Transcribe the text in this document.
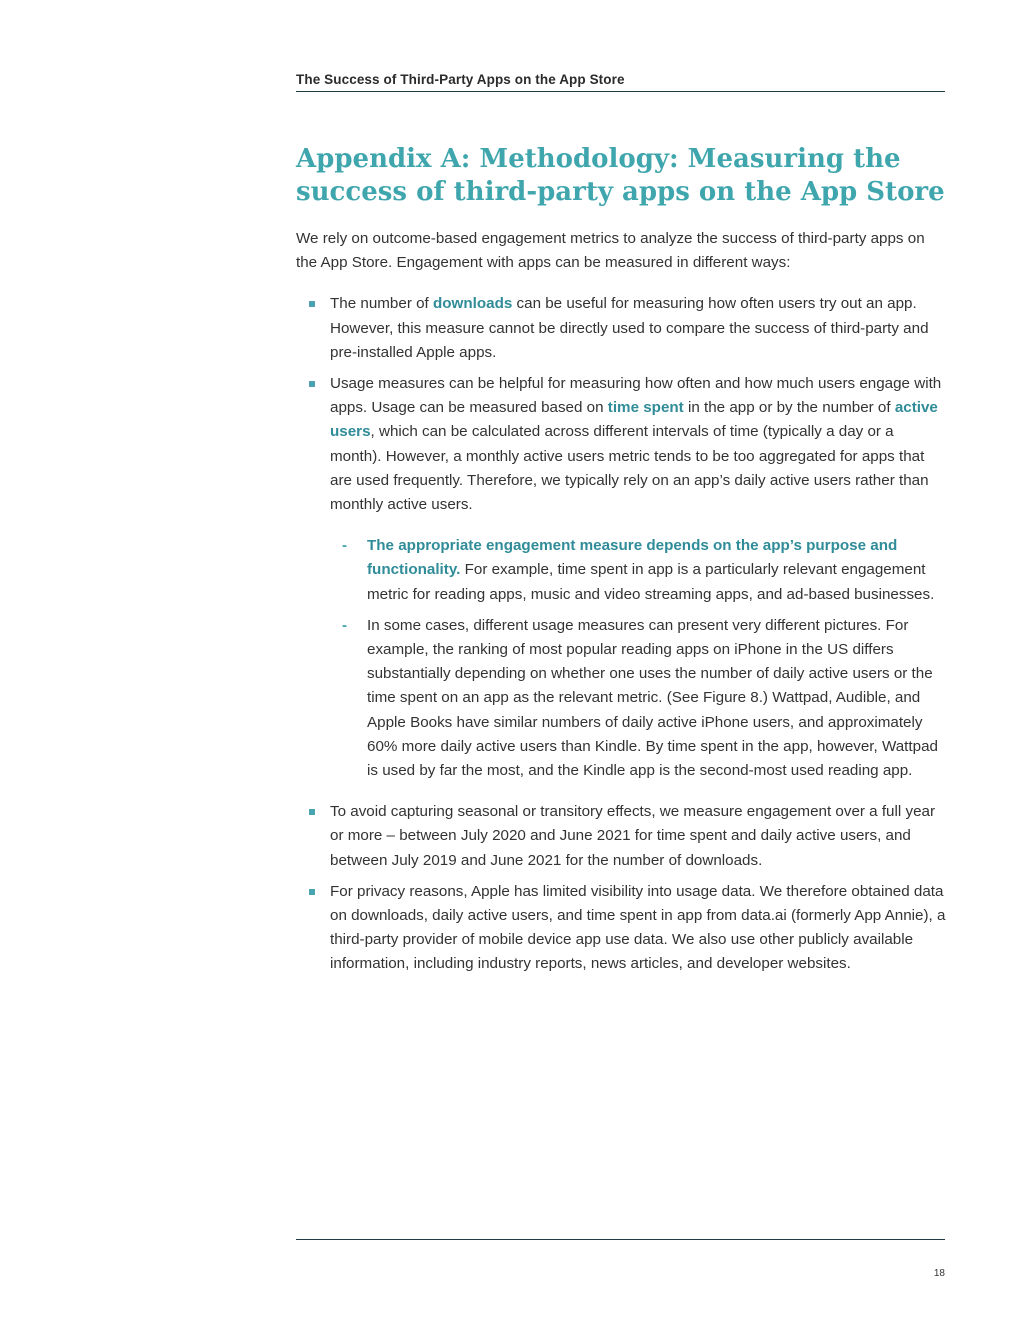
The Success of Third-Party Apps on the App Store
Appendix A: Methodology: Measuring the success of third-party apps on the App Store

We rely on outcome-based engagement metrics to analyze the success of third-party apps on the App Store. Engagement with apps can be measured in different ways:

The number of downloads can be useful for measuring how often users try out an app. However, this measure cannot be directly used to compare the success of third-party and pre-installed Apple apps.
Usage measures can be helpful for measuring how often and how much users engage with apps. Usage can be measured based on time spent in the app or by the number of active users, which can be calculated across different intervals of time (typically a day or a month). However, a monthly active users metric tends to be too aggregated for apps that are used frequently. Therefore, we typically rely on an app’s daily active users rather than monthly active users.
- The appropriate engagement measure depends on the app’s purpose and functionality. For example, time spent in app is a particularly relevant engagement metric for reading apps, music and video streaming apps, and ad-based businesses.
- In some cases, different usage measures can present very different pictures. For example, the ranking of most popular reading apps on iPhone in the US differs substantially depending on whether one uses the number of daily active users or the time spent on an app as the relevant metric. (See Figure 8.) Wattpad, Audible, and Apple Books have similar numbers of daily active iPhone users, and approximately 60% more daily active users than Kindle. By time spent in the app, however, Wattpad is used by far the most, and the Kindle app is the second-most used reading app.
To avoid capturing seasonal or transitory effects, we measure engagement over a full year or more – between July 2020 and June 2021 for time spent and daily active users, and between July 2019 and June 2021 for the number of downloads.
For privacy reasons, Apple has limited visibility into usage data. We therefore obtained data on downloads, daily active users, and time spent in app from data.ai (formerly App Annie), a third-party provider of mobile device app use data. We also use other publicly available information, including industry reports, news articles, and developer websites.
18
